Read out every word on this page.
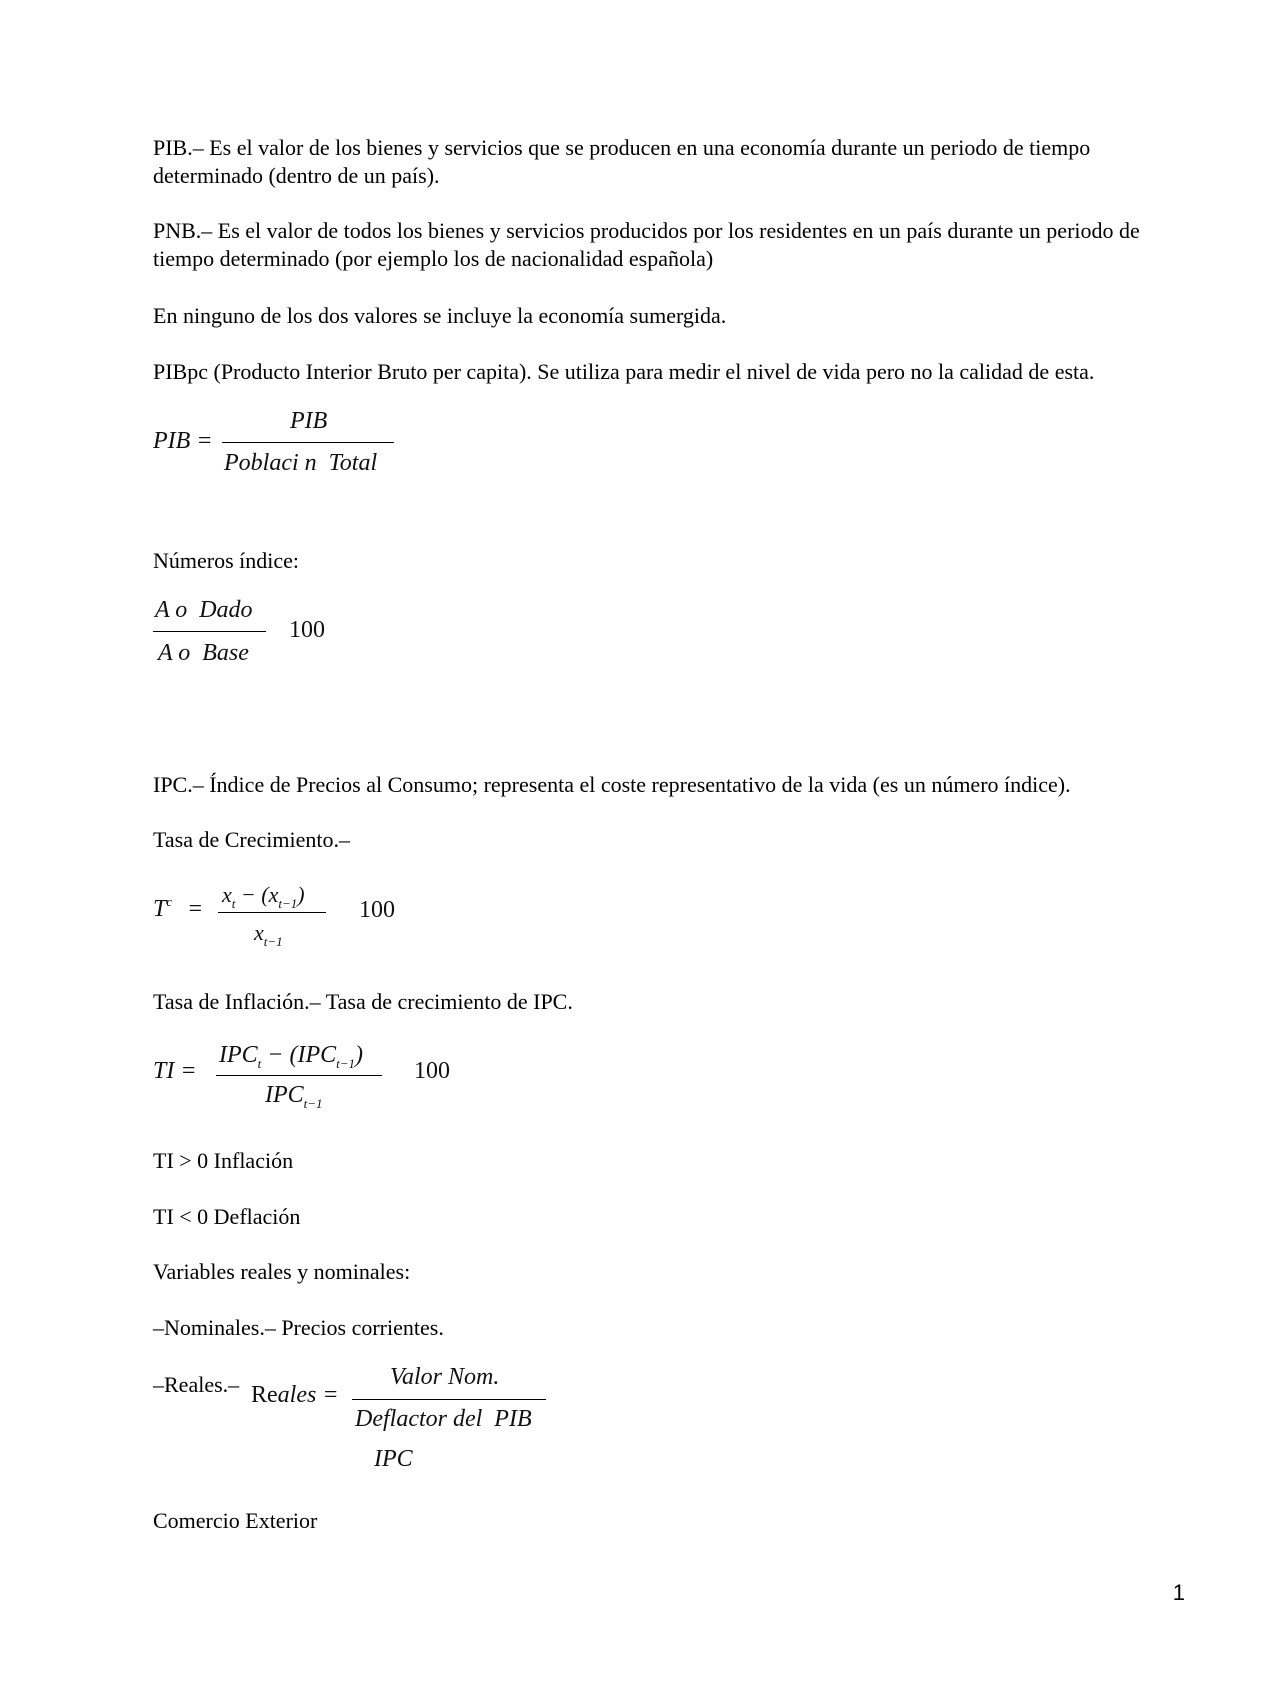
PIB.– Es el valor de los bienes y servicios que se producen en una economía durante un periodo de tiempo determinado (dentro de un país).

PNB.– Es el valor de todos los bienes y servicios producidos por los residentes en un país durante un periodo de tiempo determinado (por ejemplo los de nacionalidad española)

En ninguno de los dos valores se incluye la economía sumergida.

PIBpc (Producto Interior Bruto per capita). Se utiliza para medir el nivel de vida pero no la calidad de esta.

PIB =
PIB
Poblaci n  Total

Números índice:

A o  Dado
A o  Base
100

IPC.– Índice de Precios al Consumo; representa el coste representativo de la vida (es un número índice).

Tasa de Crecimiento.–

$T^c$ =
$x_t - (x_{t-1})$
$x_{t-1}$
100

Tasa de Inflación.– Tasa de crecimiento de IPC.

TI =
$IPC_t - (IPC_{t-1})$
$IPC_{t-1}$
100

TI > 0 Inflación

TI < 0 Deflación

Variables reales y nominales:

–Nominales.– Precios corrientes.

–Reales.– Reales =
Valor Nom.
Deflactor del  PIB
IPC

Comercio Exterior

1
